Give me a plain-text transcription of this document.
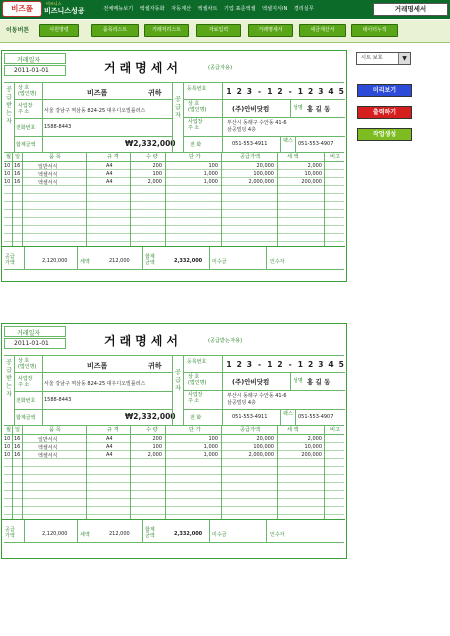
비즈폼
비즈니스
비즈니스성공	전체메뉴보기	엑셀자동화	자동계산	엑셀차트	기업 표준엑셀	엑셀지식iN	경리실무	거래명세서
이동버튼	사원명령	품목리스트	거래처리스트	자료입력	거래명세서	세금계산서	데이터누적
시트 보호	▼
미리보기
출력하기
작업생성
거래일자
2011-01-01	거래명세서	(공급자용)
공급받는자
상 호
(법인명)	비즈폼	귀하
사업장
주 소	서울 강남구 역삼동 824-25 대우디오빌플러스
전화번호 1588-8443
합계금액	₩2,332,000
공급자
등록번호	1 2 3 - 1 2 - 1 2 3 4 5
상 호
(법인명)	(주)안비닷컴	성명 홍 길 동
사업장
주 소
부산시 동래구 수안동 41-6
삼공빌딩 4층
전 화	051-553-4911	팩스 051-553-4907
월 일	품 목	규 격	수 량	단 가	공급가액	세 액	비고
10 16	일반서식	A4	200	100	20,000	2,000
10 16	엑셀서식	A4	100	1,000	100,000	10,000
10 16	엑셀서식	A4	2,000	1,000	2,000,000	200,000
공급
가액	2,120,000	세액	212,000
합계
금액	2,332,000 미수금	인수자
거래일자
2011-01-01	거래명세서	(공급받는자용)
공급받는자
상 호
(법인명)	비즈폼	귀하
사업장
주 소	서울 강남구 역삼동 824-25 대우디오빌플러스
전화번호 1588-8443
합계금액	₩2,332,000
공급자
등록번호	1 2 3 - 1 2 - 1 2 3 4 5
상 호
(법인명)	(주)안비닷컴	성명 홍 길 동
사업장
주 소
부산시 동래구 수안동 41-6
삼공빌딩 4층
전 화	051-553-4911	팩스 051-553-4907
월 일	품 목	규 격	수 량	단 가	공급가액	세 액	비고
10 16	일반서식	A4	200	100	20,000	2,000
10 16	엑셀서식	A4	100	1,000	100,000	10,000
10 16	엑셀서식	A4	2,000	1,000	2,000,000	200,000
공급
가액	2,120,000	세액	212,000
합계
금액	2,332,000 미수금	인수자
